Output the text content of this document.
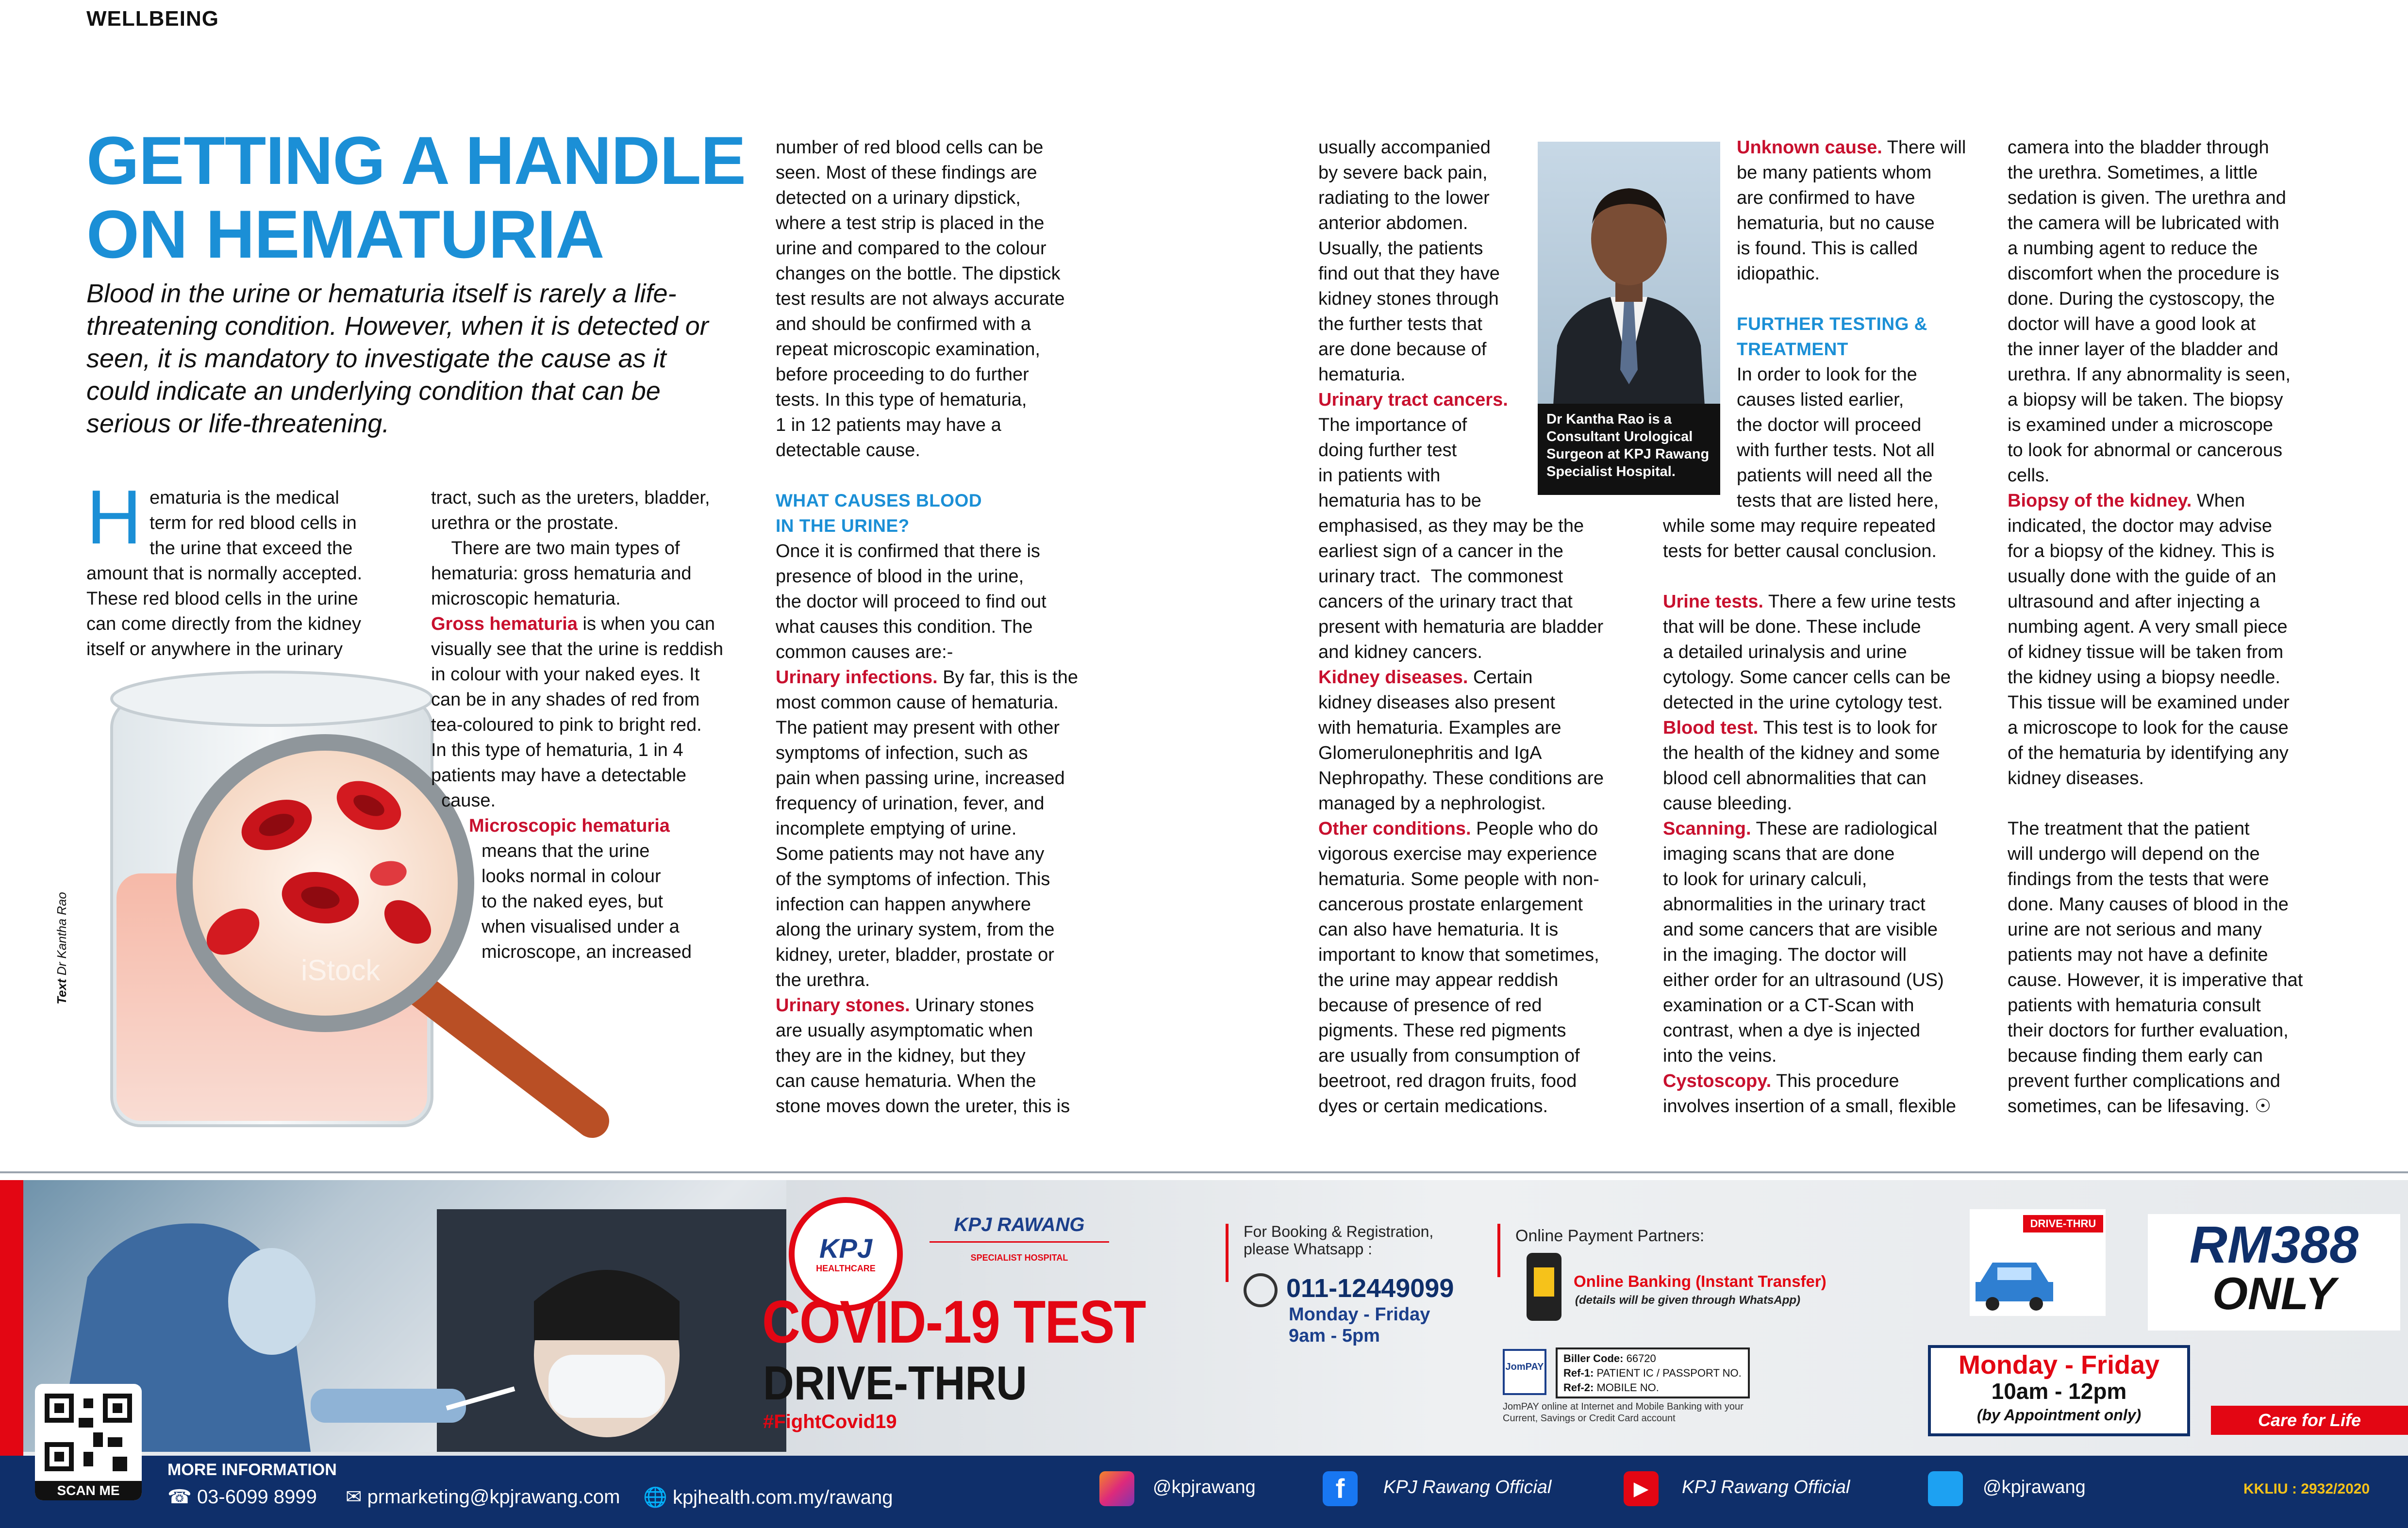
WELLBEING
GETTING A HANDLE
ON HEMATURIA

Blood in the urine or hematuria itself is rarely a life-threatening condition. However, when it is detected or seen, it is mandatory to investigate the cause as it could indicate an underlying condition that can be serious or life-threatening.

Text Dr Kantha Rao
H ematuria is the medical
term for red blood cells in
the urine that exceed the
amount that is normally accepted.
These red blood cells in the urine
can come directly from the kidney
itself or anywhere in the urinary
iStock
tract, such as the ureters, bladder,
urethra or the prostate.
There are two main types of
hematuria: gross hematuria and
microscopic hematuria.

Gross hematuria is when you can

visually see that the urine is reddish
in colour with your naked eyes. It
can be in any shades of red from
tea-coloured to pink to bright red.
In this type of hematuria, 1 in 4
patients may have a detectable
cause.

Microscopic hematuria

means that the urine
looks normal in colour
to the naked eyes, but
when visualised under a
microscope, an increased
number of red blood cells can be
seen. Most of these findings are
detected on a urinary dipstick,
where a test strip is placed in the
urine and compared to the colour
changes on the bottle. The dipstick
test results are not always accurate
and should be confirmed with a
repeat microscopic examination,
before proceeding to do further
tests. In this type of hematuria,
1 in 12 patients may have a
detectable cause.

WHAT CAUSES BLOOD
IN THE URINE?

Once it is confirmed that there is
presence of blood in the urine,
the doctor will proceed to find out
what causes this condition. The
common causes are:-

Urinary infections. By far, this is the

most common cause of hematuria.
The patient may present with other
symptoms of infection, such as
pain when passing urine, increased
frequency of urination, fever, and
incomplete emptying of urine.
Some patients may not have any
of the symptoms of infection. This
infection can happen anywhere
along the urinary system, from the
kidney, ureter, bladder, prostate or
the urethra.

Urinary stones. Urinary stones

are usually asymptomatic when
they are in the kidney, but they
can cause hematuria. When the
stone moves down the ureter, this is
usually accompanied
by severe back pain,
radiating to the lower
anterior abdomen.
Usually, the patients
find out that they have
kidney stones through
the further tests that
are done because of
hematuria.

Urinary tract cancers.

The importance of
doing further test
in patients with
hematuria has to be
emphasised, as they may be the
earliest sign of a cancer in the
urinary tract.  The commonest
cancers of the urinary tract that
present with hematuria are bladder
and kidney cancers.

Kidney diseases. Certain

kidney diseases also present
with hematuria. Examples are
Glomerulonephritis and IgA
Nephropathy. These conditions are
managed by a nephrologist.

Other conditions. People who do

vigorous exercise may experience
hematuria. Some people with non-
cancerous prostate enlargement
can also have hematuria. It is
important to know that sometimes,
the urine may appear reddish
because of presence of red
pigments. These red pigments
are usually from consumption of
beetroot, red dragon fruits, food
dyes or certain medications.
Dr Kantha Rao is a
Consultant Urological
Surgeon at KPJ Rawang
Specialist Hospital.

Unknown cause. There will

be many patients whom
are confirmed to have
hematuria, but no cause
is found. This is called
idiopathic.

FURTHER TESTING &
TREATMENT

In order to look for the
causes listed earlier,
the doctor will proceed
with further tests. Not all
patients will need all the
tests that are listed here,
while some may require repeated
tests for better causal conclusion.

Urine tests. There a few urine tests

that will be done. These include
a detailed urinalysis and urine
cytology. Some cancer cells can be
detected in the urine cytology test.

Blood test. This test is to look for

the health of the kidney and some
blood cell abnormalities that can
cause bleeding.

Scanning. These are radiological

imaging scans that are done
to look for urinary calculi,
abnormalities in the urinary tract
and some cancers that are visible
in the imaging. The doctor will
either order for an ultrasound (US)
examination or a CT-Scan with
contrast, when a dye is injected
into the veins.

Cystoscopy. This procedure

involves insertion of a small, flexible
camera into the bladder through
the urethra. Sometimes, a little
sedation is given. The urethra and
the camera will be lubricated with
a numbing agent to reduce the
discomfort when the procedure is
done. During the cystoscopy, the
doctor will have a good look at
the inner layer of the bladder and
urethra. If any abnormality is seen,
a biopsy will be taken. The biopsy
is examined under a microscope
to look for abnormal or cancerous
cells.

Biopsy of the kidney. When

indicated, the doctor may advise
for a biopsy of the kidney. This is
usually done with the guide of an
ultrasound and after injecting a
numbing agent. A very small piece
of kidney tissue will be taken from
the kidney using a biopsy needle.
This tissue will be examined under
a microscope to look for the cause
of the hematuria by identifying any
kidney diseases.
The treatment that the patient
will undergo will depend on the
findings from the tests that were
done. Many causes of blood in the
urine are not serious and many
patients may not have a definite
cause. However, it is imperative that
patients with hematuria consult
their doctors for further evaluation,
because finding them early can
prevent further complications and
sometimes, can be lifesaving. ☉
KPJ
HEALTHCARE
KPJ RAWANG
SPECIALIST HOSPITAL
COVID-19 TEST
DRIVE-THRU
#FightCovid19
For Booking & Registration,
please Whatsapp :
011-12449099
Monday - Friday
9am - 5pm
Online Payment Partners:
Online Banking (Instant Transfer)
(details will be given through WhatsApp)
JomPAY
Biller Code: 66720
Ref-1: PATIENT IC / PASSPORT NO.
Ref-2: MOBILE NO.
JomPAY online at Internet and Mobile Banking with your
Current, Savings or Credit Card account
DRIVE-THRU	RM388
ONLY
Monday - Friday
10am - 12pm
(by Appointment only)	Care for Life
SCAN ME
MORE INFORMATION
☎ 03-6099 8999 ✉ prmarketing@kpjrawang.com 🌐 kpjhealth.com.my/rawang	@kpjrawang	f	KPJ Rawang Official	▶	KPJ Rawang Official	@kpjrawang	KKLIU : 2932/2020
